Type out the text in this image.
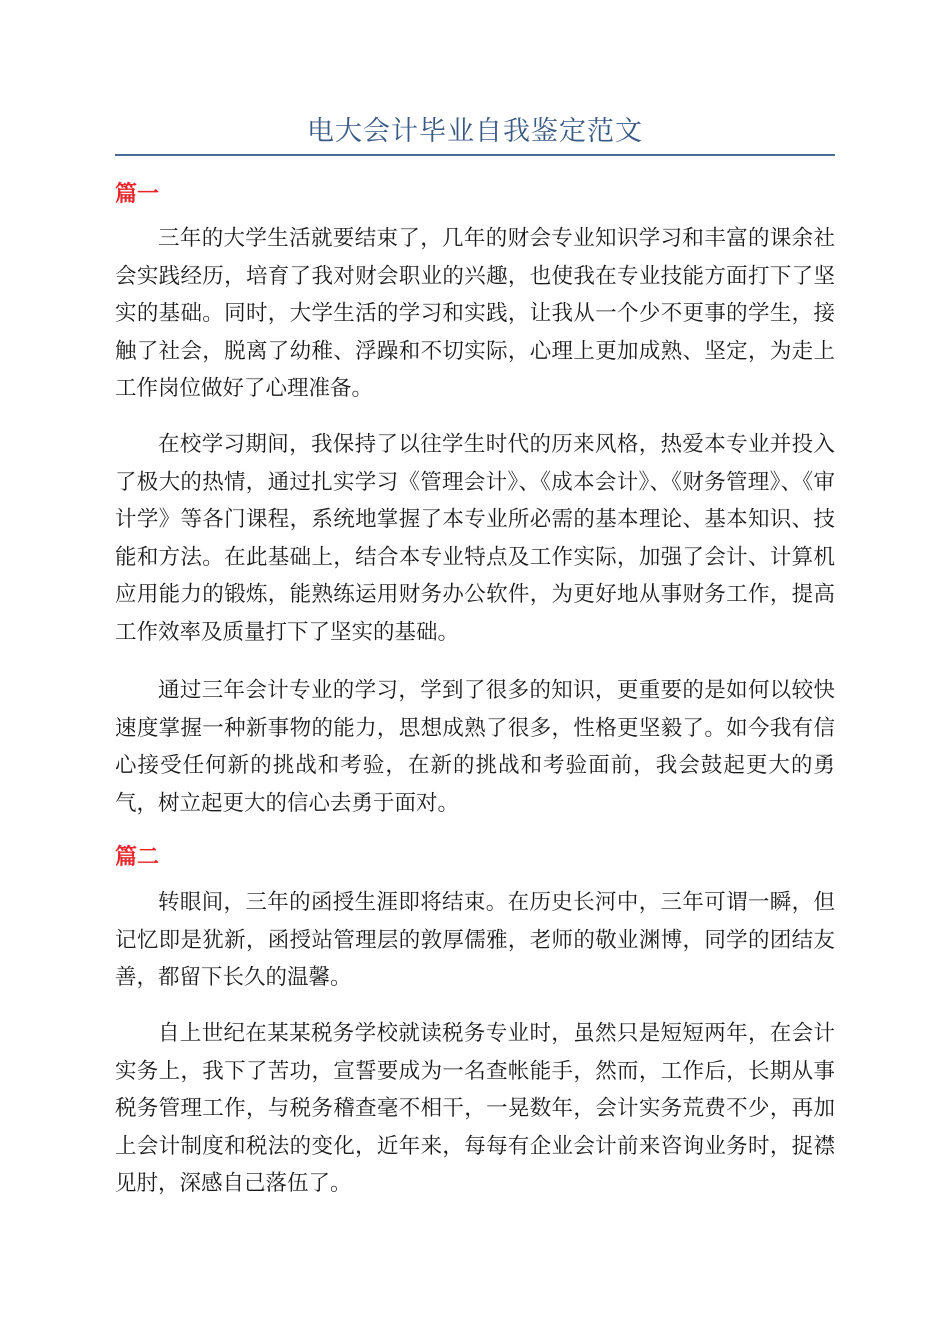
电大会计毕业自我鉴定范文
篇一

三年的大学生活就要结束了，几年的财会专业知识学习和丰富的课余社会实践经历，培育了我对财会职业的兴趣，也使我在专业技能方面打下了坚实的基础。同时，大学生活的学习和实践，让我从一个少不更事的学生，接触了社会，脱离了幼稚、浮躁和不切实际，心理上更加成熟、坚定，为走上工作岗位做好了心理准备。

在校学习期间，我保持了以往学生时代的历来风格，热爱本专业并投入了极大的热情，通过扎实学习《管理会计》、《成本会计》、《财务管理》、《审计学》等各门课程，系统地掌握了本专业所必需的基本理论、基本知识、技能和方法。在此基础上，结合本专业特点及工作实际，加强了会计、计算机应用能力的锻炼，能熟练运用财务办公软件，为更好地从事财务工作，提高工作效率及质量打下了坚实的基础。

通过三年会计专业的学习，学到了很多的知识，更重要的是如何以较快速度掌握一种新事物的能力，思想成熟了很多，性格更坚毅了。如今我有信心接受任何新的挑战和考验，在新的挑战和考验面前，我会鼓起更大的勇气，树立起更大的信心去勇于面对。

篇二

转眼间，三年的函授生涯即将结束。在历史长河中，三年可谓一瞬，但记忆即是犹新，函授站管理层的敦厚儒雅，老师的敬业渊博，同学的团结友善，都留下长久的温馨。

自上世纪在某某税务学校就读税务专业时，虽然只是短短两年，在会计实务上，我下了苦功，宣誓要成为一名查帐能手，然而，工作后，长期从事税务管理工作，与税务稽查毫不相干，一晃数年，会计实务荒费不少，再加上会计制度和税法的变化，近年来，每每有企业会计前来咨询业务时，捉襟见肘，深感自己落伍了。
